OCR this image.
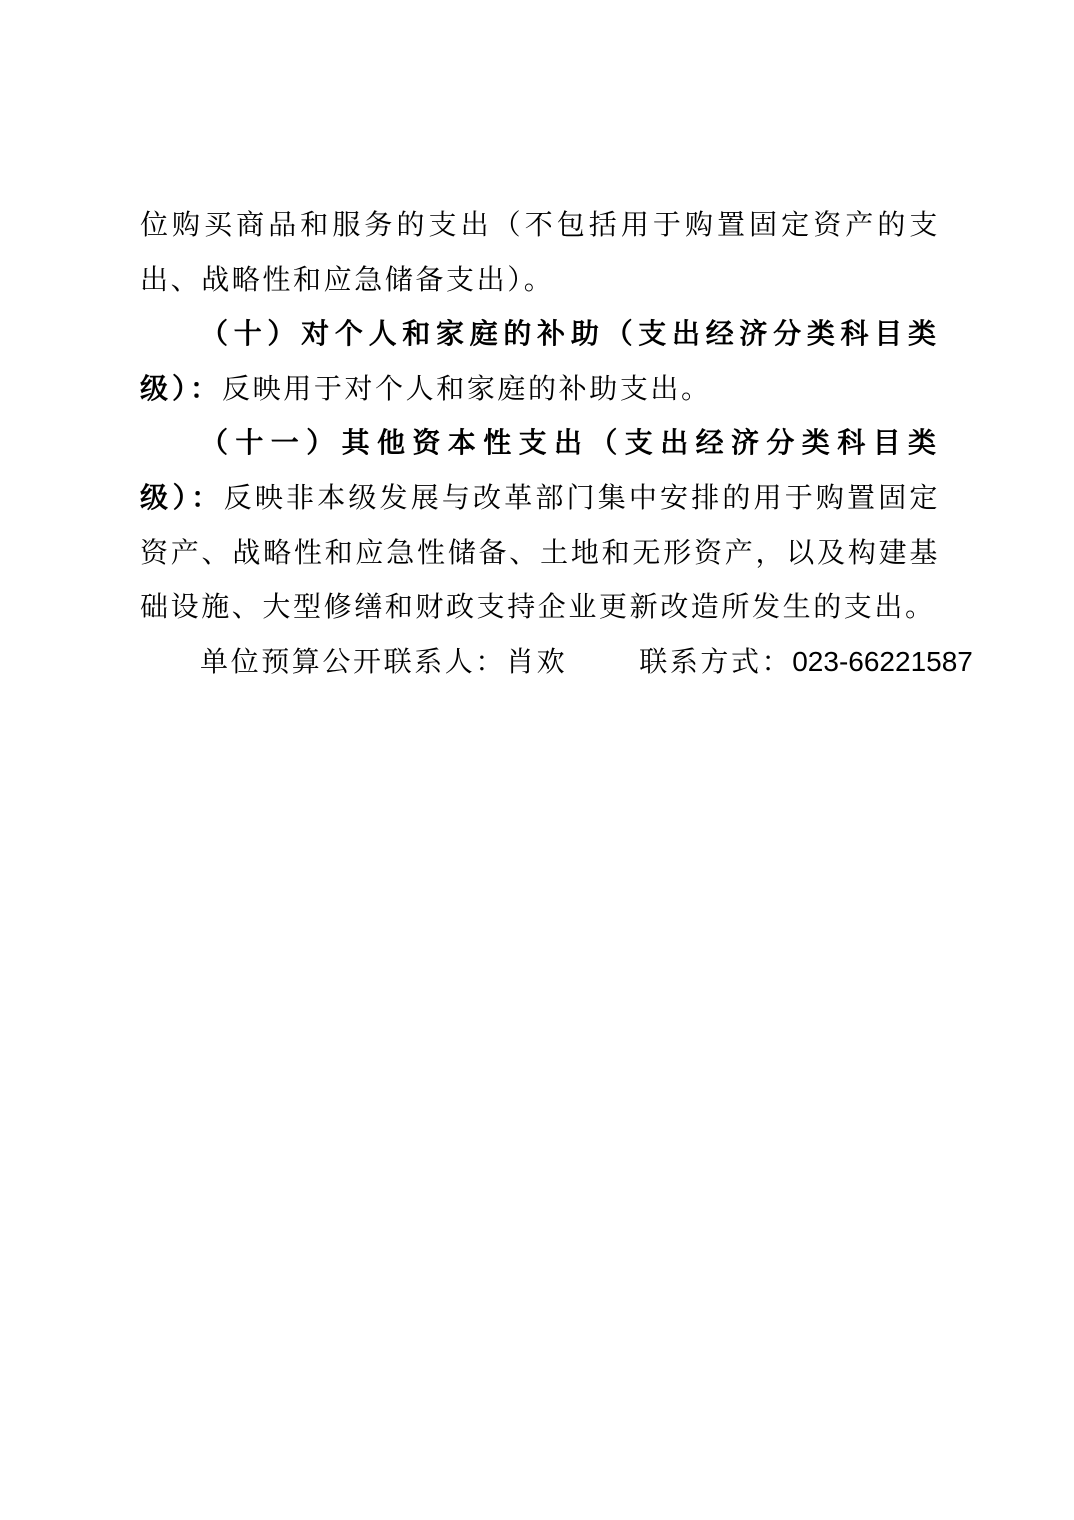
位购买商品和服务的支出（不包括用于购置固定资产的支出、战略性和应急储备支出）。

（十）对个人和家庭的补助（支出经济分类科目类级）：反映用于对个人和家庭的补助支出。

（十一）其他资本性支出（支出经济分类科目类级）：反映非本级发展与改革部门集中安排的用于购置固定资产、战略性和应急性储备、土地和无形资产，以及构建基础设施、大型修缮和财政支持企业更新改造所发生的支出。

单位预算公开联系人：肖欢	联系方式：023-66221587
